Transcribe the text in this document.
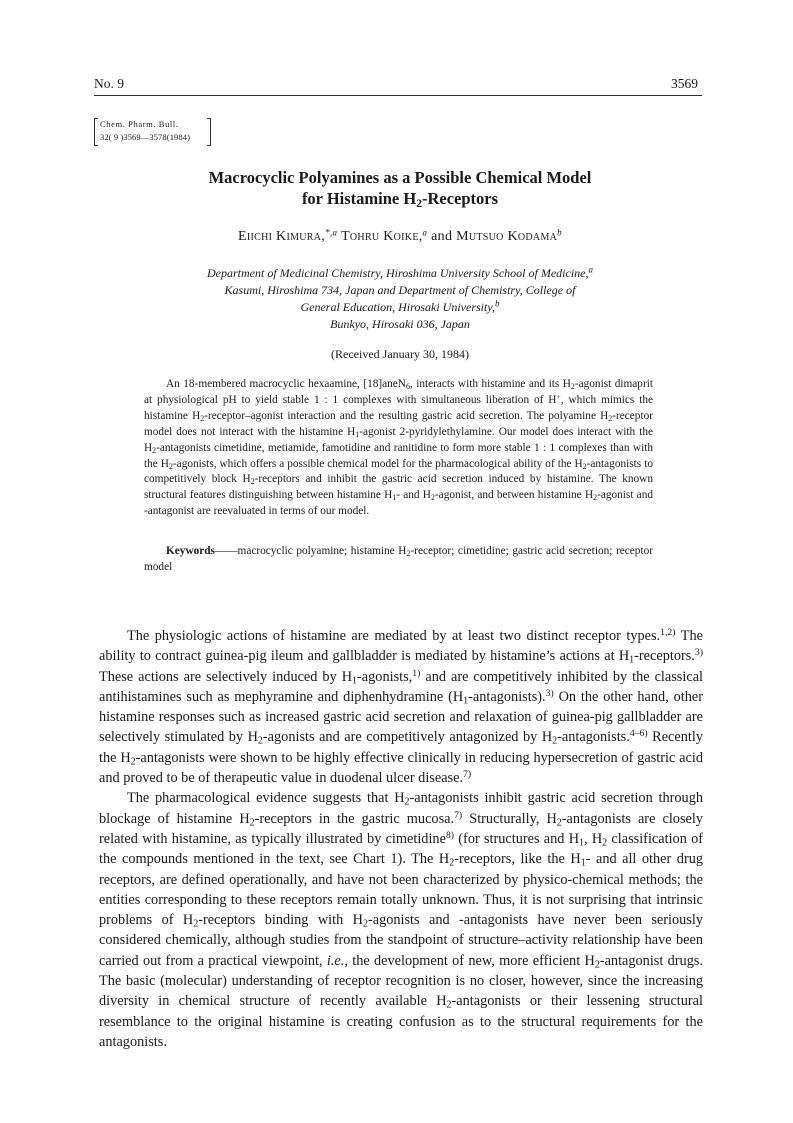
No. 9	3569
Chem. Pharm. Bull.
32( 9 )3569—3578(1984)
Macrocyclic Polyamines as a Possible Chemical Model
for Histamine $H_2$-Receptors
Eiichi Kimura,$^{*,a}$ Tohru Koike,$^a$ and Mutsuo Kodama$^b$
Department of Medicinal Chemistry, Hiroshima University School of Medicine,$^a$
Kasumi, Hiroshima 734, Japan and Department of Chemistry, College of
General Education, Hirosaki University,$^b$
Bunkyo, Hirosaki 036, Japan
(Received January 30, 1984)

An 18-membered macrocyclic hexaamine, [18]aneN$_6$, interacts with histamine and its $H_2$-agonist dimaprit at physiological pH to yield stable 1 : 1 complexes with simultaneous liberation of H+, which mimics the histamine $H_2-receptor$–agonist interaction and the resulting gastric acid secretion. The polyamine $H_2$-receptor model does not interact with the histamine $H_1$-agonist 2-pyridylethylamine. Our model does interact with the $H_2$-antagonists cimetidine, metiamide, famotidine and ranitidine to form more stable 1 : 1 complexes than with the $H_2$-agonists, which offers a possible chemical model for the pharmacological ability of the $H_2$-antagonists to competitively block $H_2$-receptors and inhibit the gastric acid secretion induced by histamine. The known structural features distinguishing between histamine $H_1-$ and $H_2$-agonist, and between histamine $H_2$-agonist and -antagonist are reevaluated in terms of our model.

Keywords——macrocyclic polyamine; histamine $H_2$-receptor; cimetidine; gastric acid secretion; receptor model

The physiologic actions of histamine are mediated by at least two distinct receptor types.$^{1,2)}$ The ability to contract guinea-pig ileum and gallbladder is mediated by histamine’s actions at $H_1-receptors.^{3)}$ These actions are selectively induced by $H_1-agonists,^{1)}$ and are competitively inhibited by the classical antihistamines such as mephyramine and diphenhydramine $(H_1-antagonists).^{3)}$ On the other hand, other histamine responses such as increased gastric acid secretion and relaxation of guinea-pig gallbladder are selectively stimulated by $H_2$-agonists and are competitively antagonized by $H_2-antagonists.^{4-6)}$ Recently the $H_2$-antagonists were shown to be highly effective clinically in reducing hypersecretion of gastric acid and proved to be of therapeutic value in duodenal ulcer disease.$^{7)}$

The pharmacological evidence suggests that $H_2$-antagonists inhibit gastric acid secretion through blockage of histamine $H_2$-receptors in the gastric mucosa.$^{7)}$ Structurally, $H_2$-antagonists are closely related with histamine, as typically illustrated by cimetidine$^{8)}$ (for structures and $H_1$, $H_2$ classification of the compounds mentioned in the text, see Chart 1). The $H_2$-receptors, like the $H_1-$ and all other drug receptors, are defined operationally, and have not been characterized by physico-chemical methods; the entities corresponding to these receptors remain totally unknown. Thus, it is not surprising that intrinsic problems of $H_2$-receptors binding with $H_2$-agonists and -antagonists have never been seriously considered chemically, although studies from the standpoint of structure–activity relationship have been carried out from a practical viewpoint, i.e., the development of new, more efficient $H_2$-antagonist drugs. The basic (molecular) understanding of receptor recognition is no closer, however, since the increasing diversity in chemical structure of recently available $H_2$-antagonists or their lessening structural resemblance to the original histamine is creating confusion as to the structural requirements for the antagonists.
